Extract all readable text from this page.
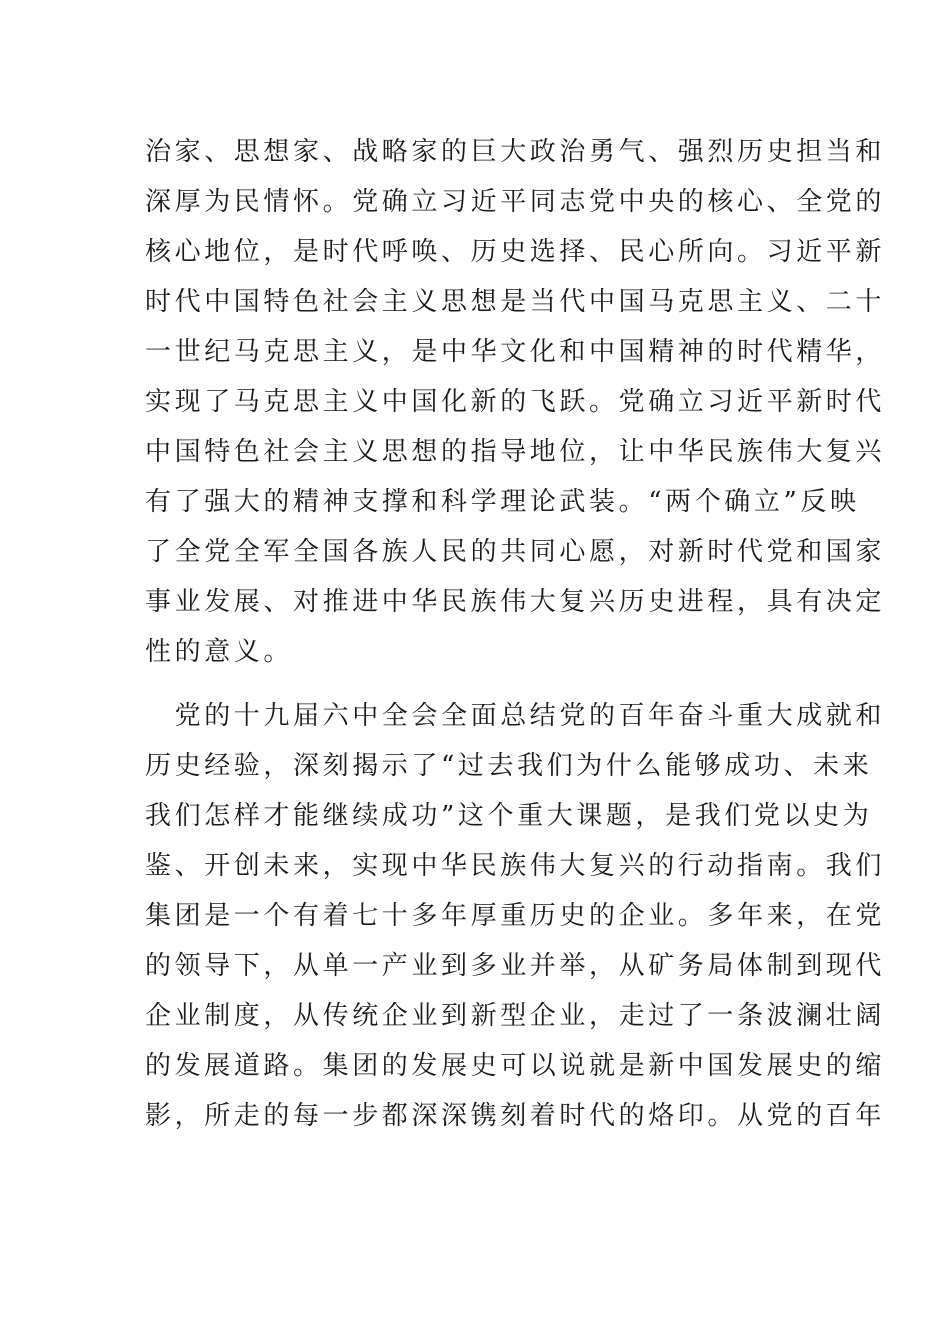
治家、思想家、战略家的巨大政治勇气、强烈历史担当和
深厚为民情怀。党确立习近平同志党中央的核心、全党的
核心地位，是时代呼唤、历史选择、民心所向。习近平新
时代中国特色社会主义思想是当代中国马克思主义、二十
一世纪马克思主义，是中华文化和中国精神的时代精华，
实现了马克思主义中国化新的飞跃。党确立习近平新时代
中国特色社会主义思想的指导地位，让中华民族伟大复兴
有了强大的精神支撑和科学理论武装。“两个确立”反映
了全党全军全国各族人民的共同心愿，对新时代党和国家
事业发展、对推进中华民族伟大复兴历史进程，具有决定
性的意义。
　党的十九届六中全会全面总结党的百年奋斗重大成就和
历史经验，深刻揭示了“过去我们为什么能够成功、未来
我们怎样才能继续成功”这个重大课题，是我们党以史为
鉴、开创未来，实现中华民族伟大复兴的行动指南。我们
集团是一个有着七十多年厚重历史的企业。多年来，在党
的领导下，从单一产业到多业并举，从矿务局体制到现代
企业制度，从传统企业到新型企业，走过了一条波澜壮阔
的发展道路。集团的发展史可以说就是新中国发展史的缩
影，所走的每一步都深深镌刻着时代的烙印。从党的百年
